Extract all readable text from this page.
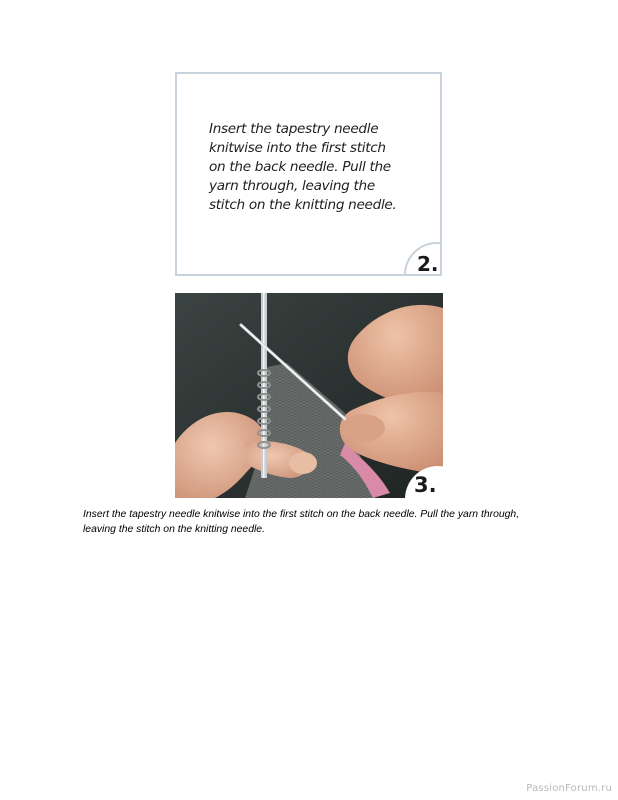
Insert the tapestry needle
knitwise into the first stitch
on the back needle. Pull the
yarn through, leaving the
stitch on the knitting needle.

2.
3.

Insert the tapestry needle knitwise into the first stitch on the back needle. Pull the yarn through, leaving the stitch on the knitting needle.

PassionForum.ru
